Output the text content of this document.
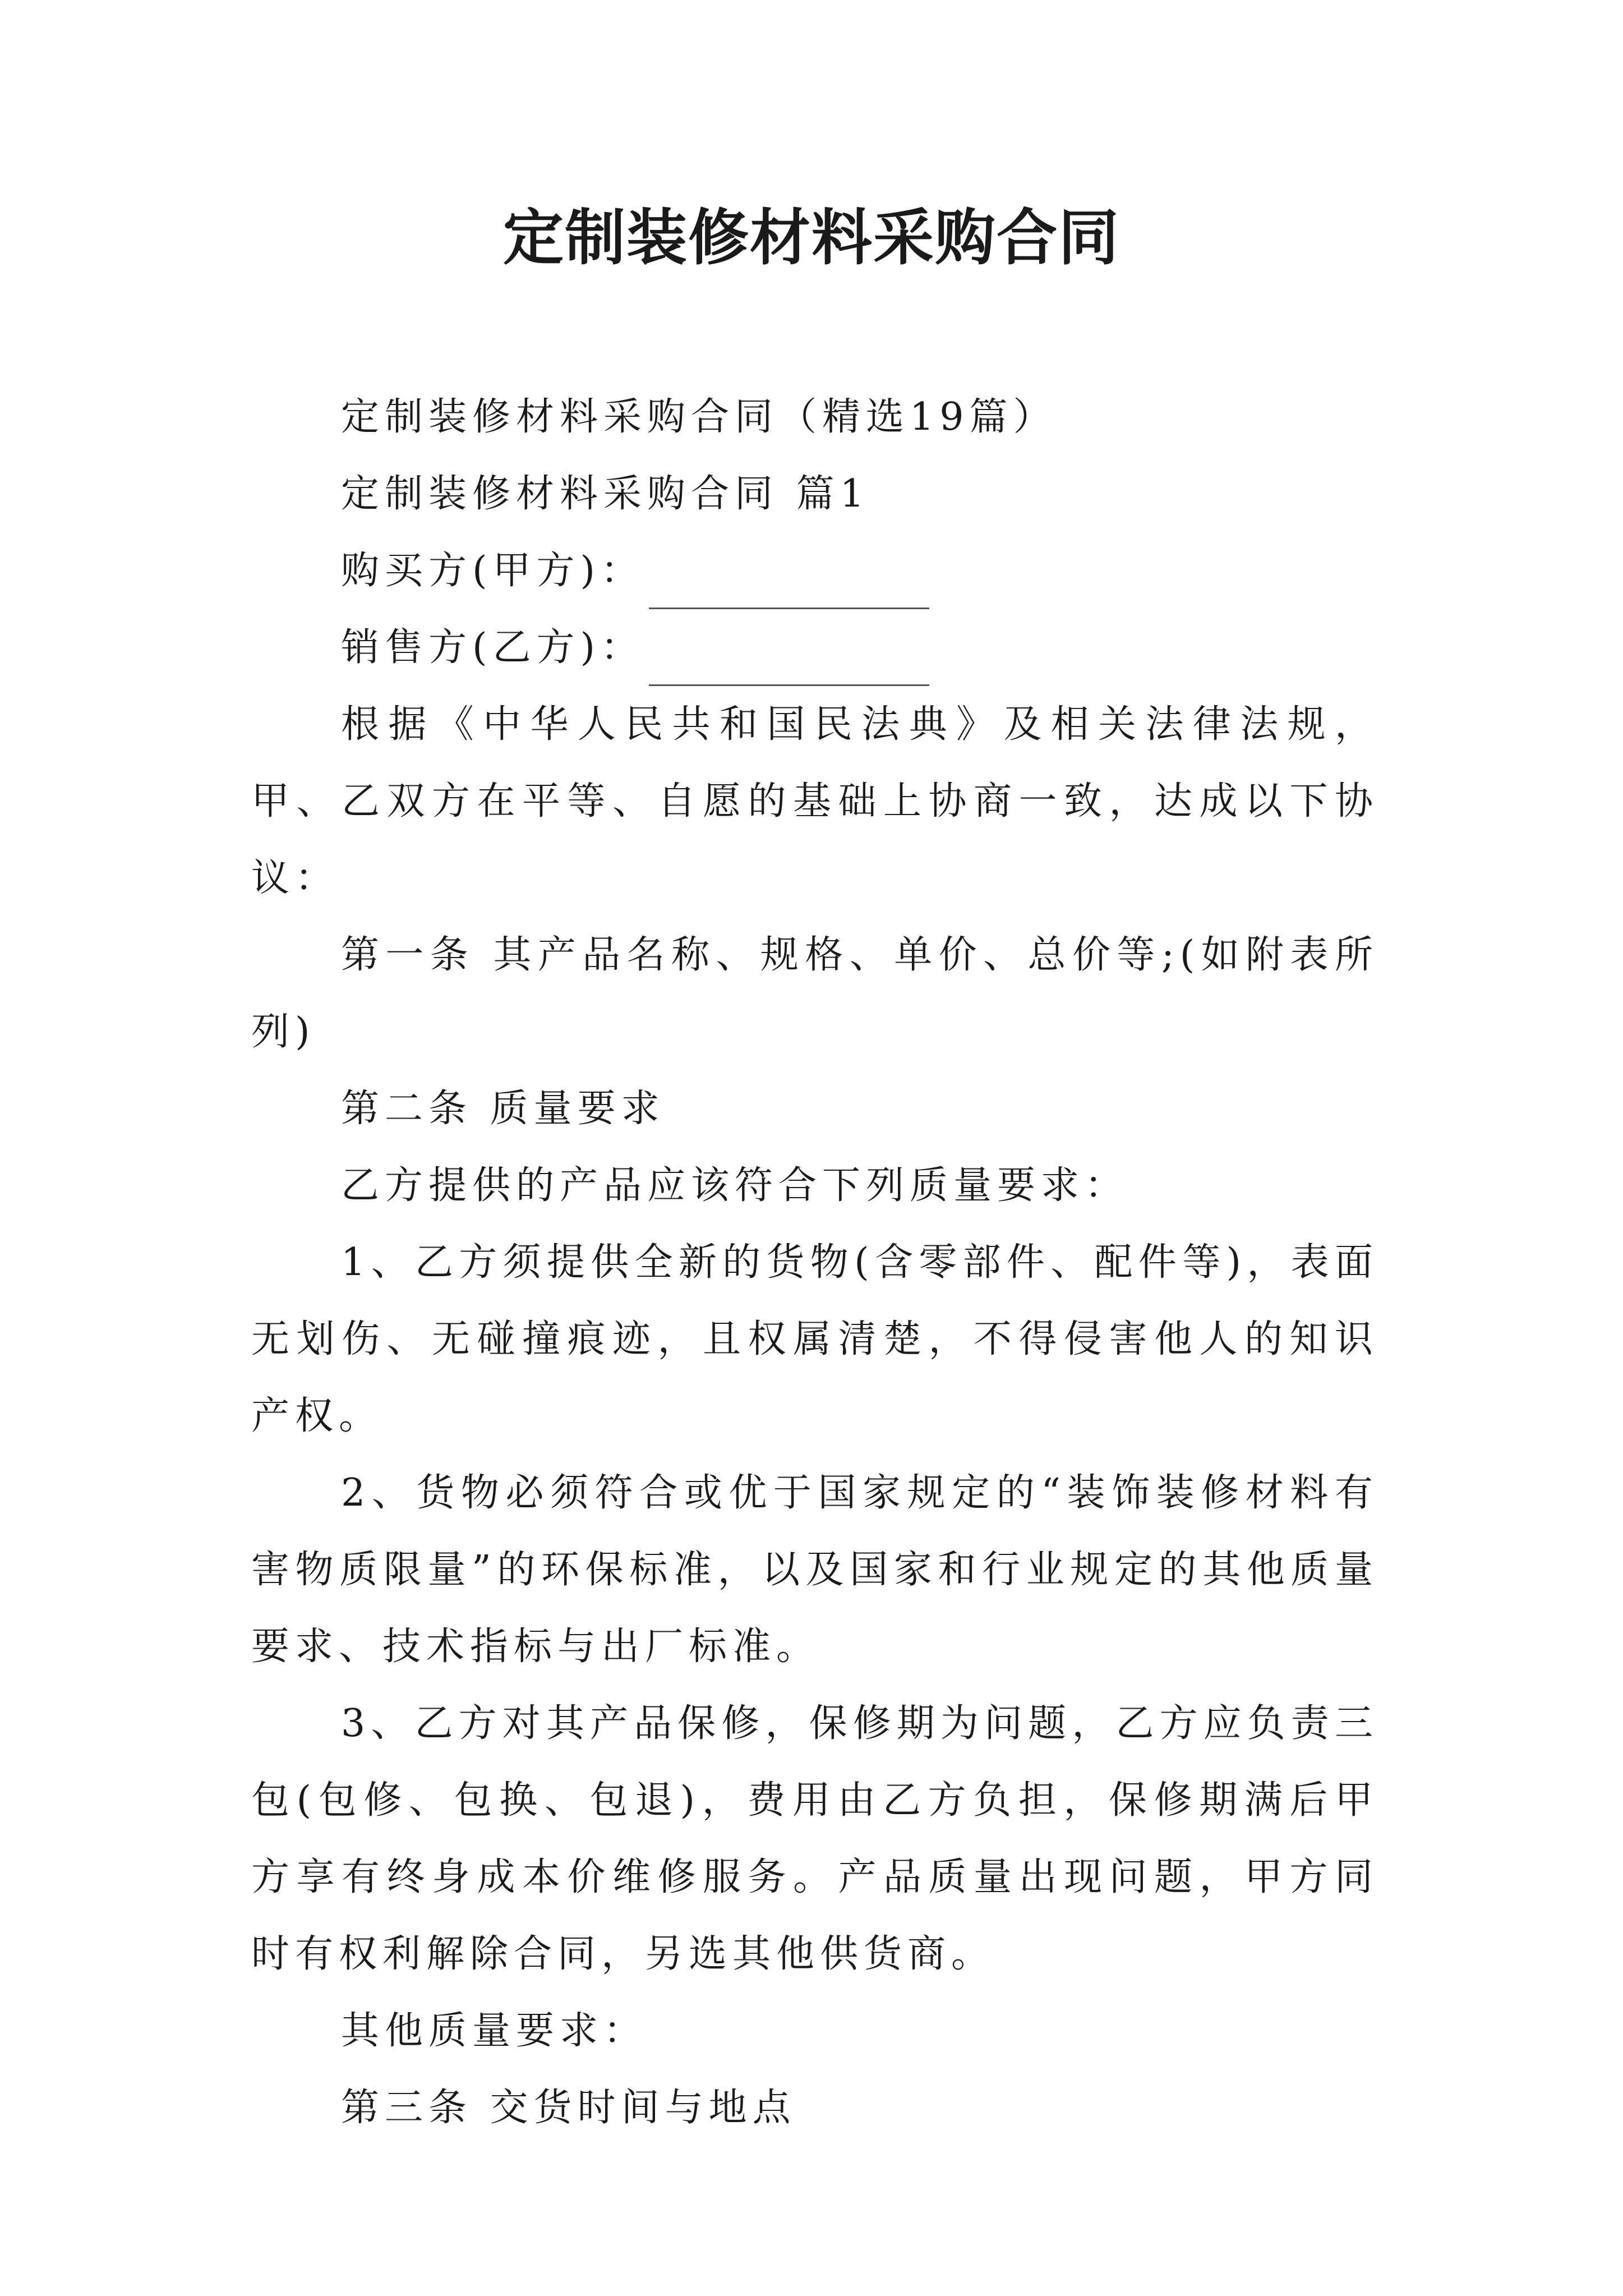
定制装修材料采购合同

定制装修材料采购合同（精选19篇）

定制装修材料采购合同 篇1

购买方(甲方)：

销售方(乙方)：

根据《中华人民共和国民法典》及相关法律法规，甲、乙双方在平等、自愿的基础上协商一致，达成以下协议：

第一条 其产品名称、规格、单价、总价等;(如附表所列)

第二条 质量要求

乙方提供的产品应该符合下列质量要求：

1、乙方须提供全新的货物(含零部件、配件等)，表面无划伤、无碰撞痕迹，且权属清楚，不得侵害他人的知识产权。

2、货物必须符合或优于国家规定的“装饰装修材料有害物质限量”的环保标准，以及国家和行业规定的其他质量要求、技术指标与出厂标准。

3、乙方对其产品保修，保修期为问题，乙方应负责三包(包修、包换、包退)，费用由乙方负担，保修期满后甲方享有终身成本价维修服务。产品质量出现问题，甲方同时有权利解除合同，另选其他供货商。

其他质量要求：

第三条 交货时间与地点
